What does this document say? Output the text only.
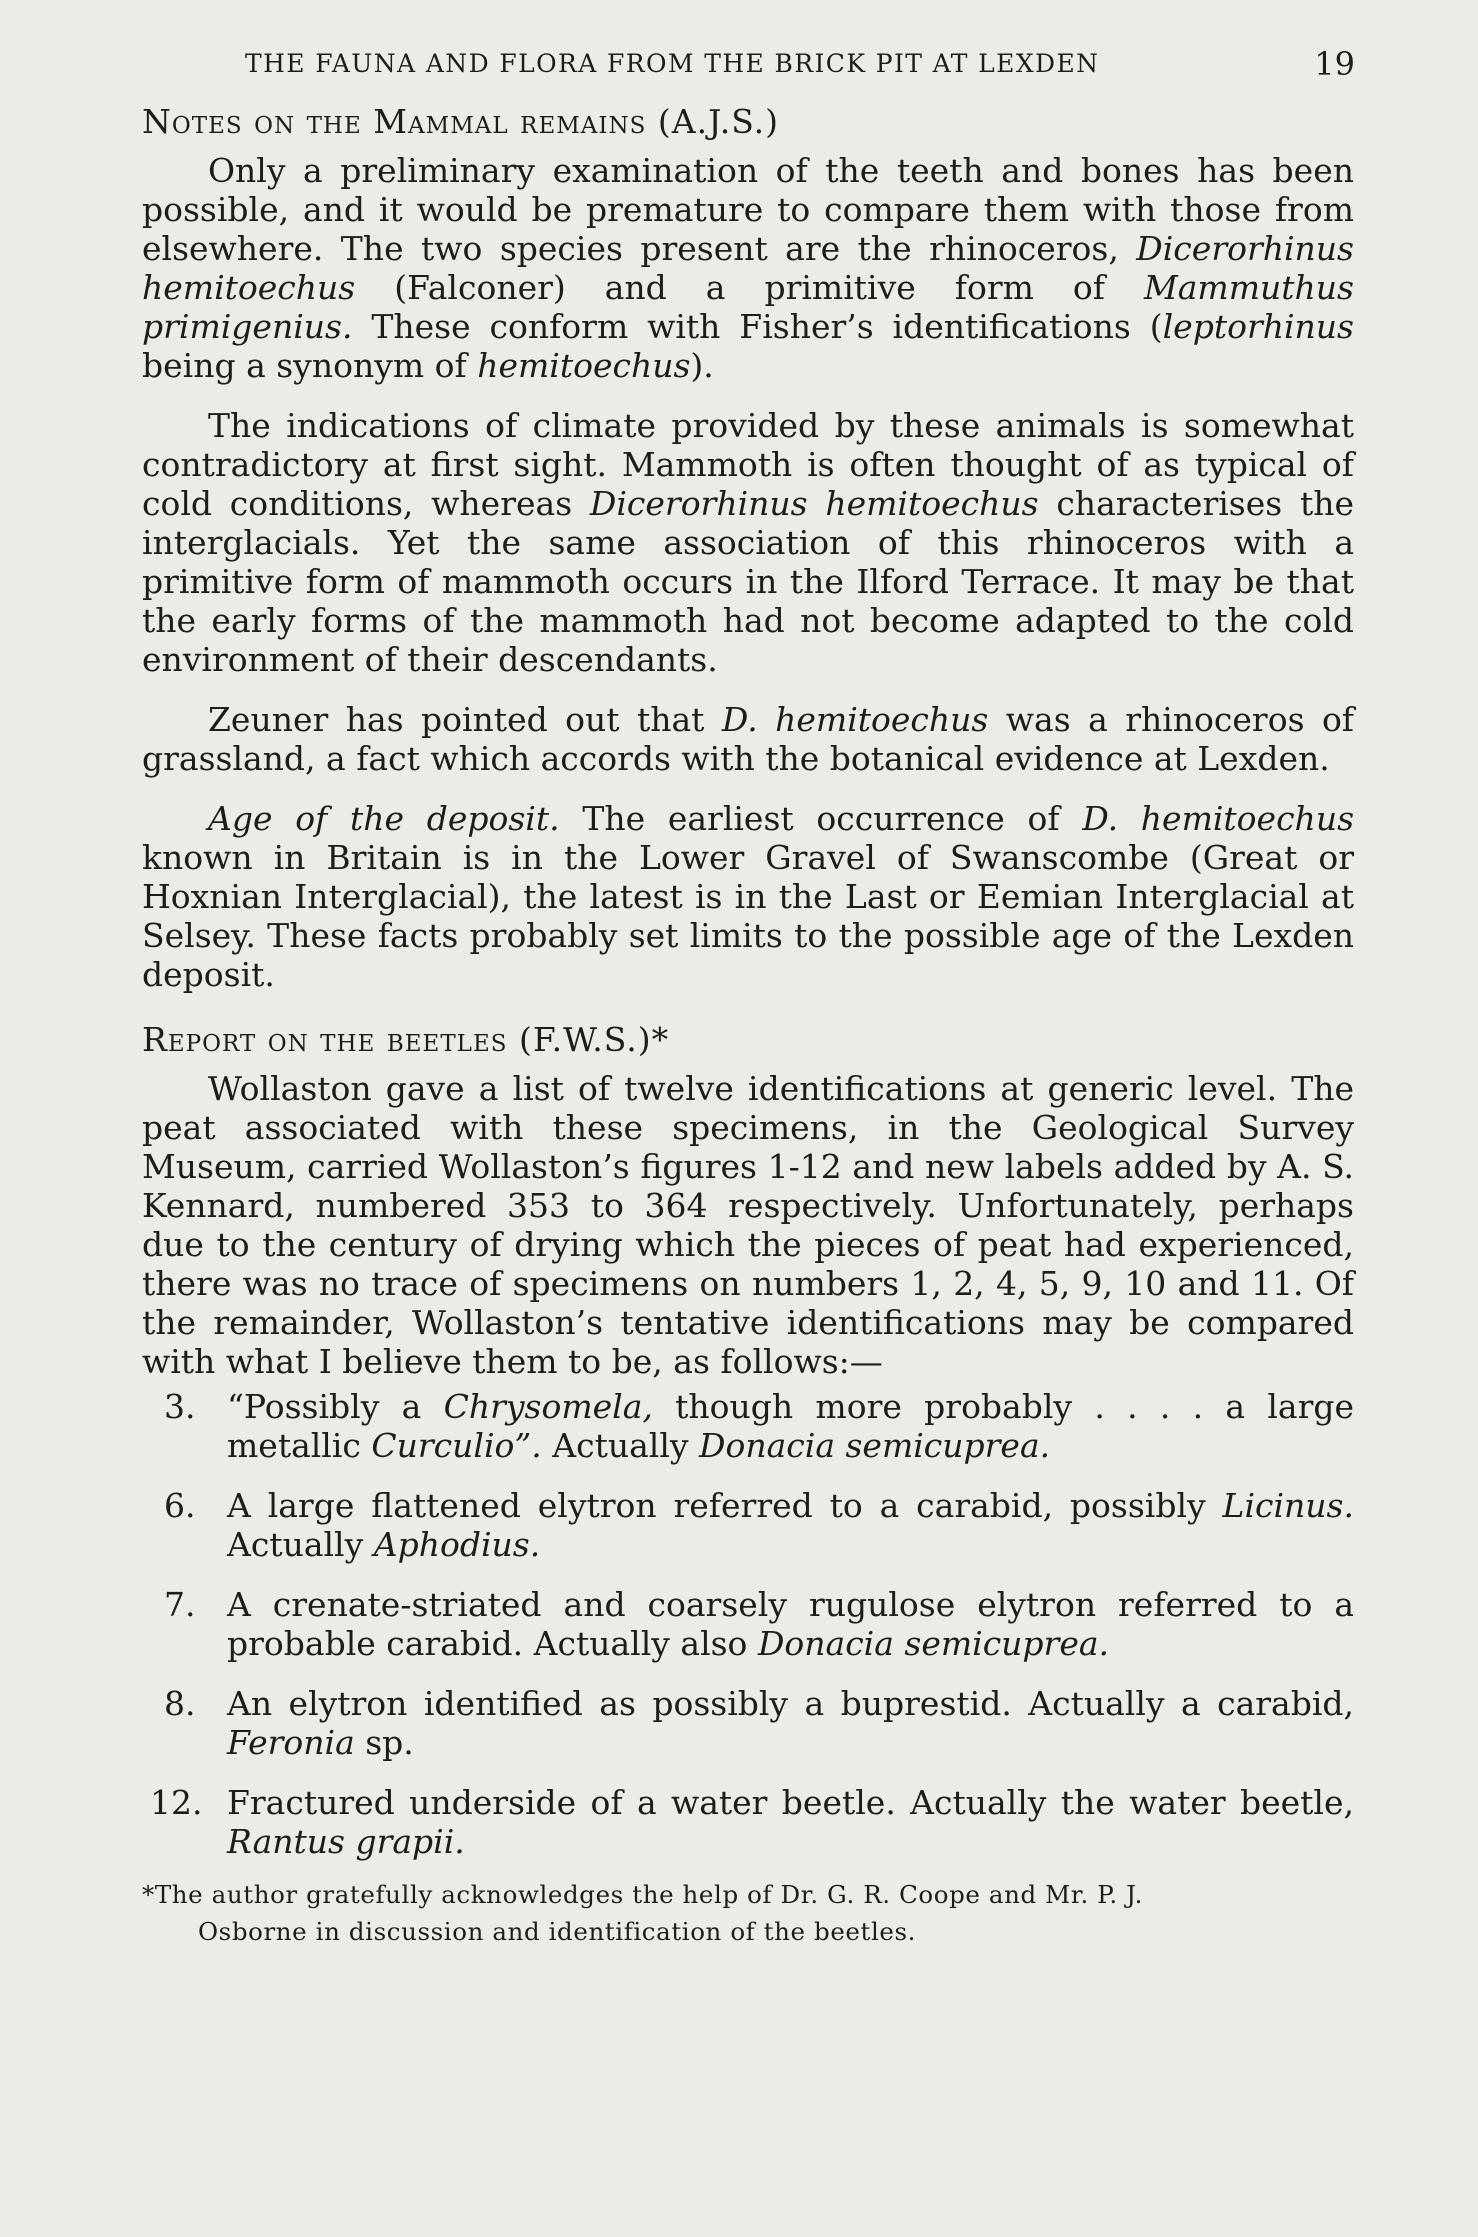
THE FAUNA AND FLORA FROM THE BRICK PIT AT LEXDEN	19
Notes on the Mammal remains (A.J.S.)

Only a preliminary examination of the teeth and bones has been possible, and it would be premature to compare them with those from elsewhere. The two species present are the rhinoceros, Dicerorhinus hemitoechus (Falconer) and a primitive form of Mammuthus primigenius. These conform with Fisher’s identifications (leptorhinus being a synonym of hemitoechus).

The indications of climate provided by these animals is somewhat contradictory at first sight. Mammoth is often thought of as typical of cold conditions, whereas Dicerorhinus hemitoechus characterises the interglacials. Yet the same association of this rhinoceros with a primitive form of mammoth occurs in the Ilford Terrace. It may be that the early forms of the mammoth had not become adapted to the cold environment of their descendants.

Zeuner has pointed out that D. hemitoechus was a rhinoceros of grassland, a fact which accords with the botanical evidence at Lexden.

Age of the deposit. The earliest occurrence of D. hemitoechus known in Britain is in the Lower Gravel of Swanscombe (Great or Hoxnian Interglacial), the latest is in the Last or Eemian Interglacial at Selsey. These facts probably set limits to the possible age of the Lexden deposit.

Report on the beetles (F.W.S.)*

Wollaston gave a list of twelve identifications at generic level. The peat associated with these specimens, in the Geological Survey Museum, carried Wollaston’s figures 1-12 and new labels added by A. S. Kennard, numbered 353 to 364 respectively. Unfortunately, perhaps due to the century of drying which the pieces of peat had experienced, there was no trace of specimens on numbers 1, 2, 4, 5, 9, 10 and 11. Of the remainder, Wollaston’s tentative identifications may be compared with what I believe them to be, as follows:—

3. “Possibly a Chrysomela, though more probably . . . . a large metallic Curculio”. Actually Donacia semicuprea.
6. A large flattened elytron referred to a carabid, possibly Licinus. Actually Aphodius.
7. A crenate-striated and coarsely rugulose elytron referred to a probable carabid. Actually also Donacia semicuprea.
8. An elytron identified as possibly a buprestid. Actually a carabid, Feronia sp.
12. Fractured underside of a water beetle. Actually the water beetle, Rantus grapii.
*The author gratefully acknowledges the help of Dr. G. R. Coope and Mr. P. J.
Osborne in discussion and identification of the beetles.
